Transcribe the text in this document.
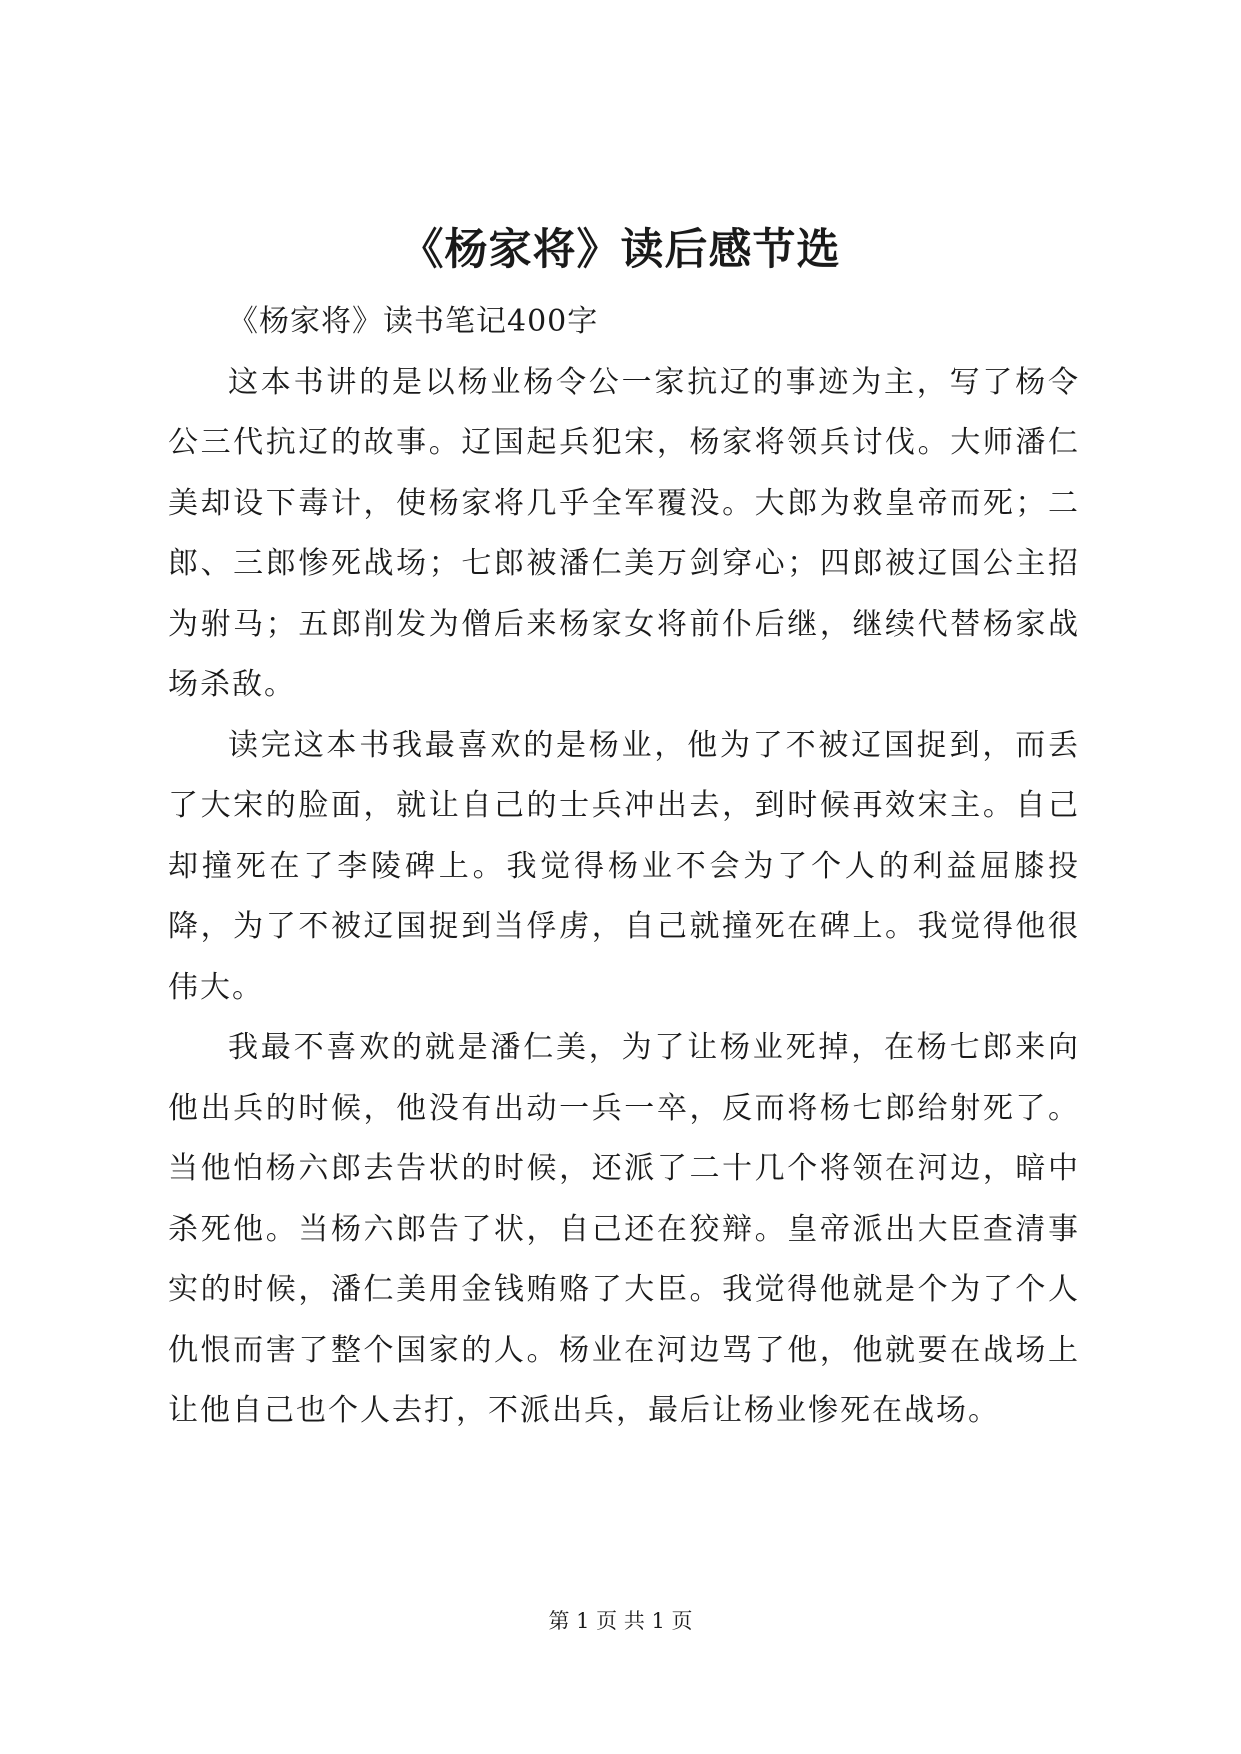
《杨家将》读后感节选

《杨家将》读书笔记400字

这本书讲的是以杨业杨令公一家抗辽的事迹为主，写了杨令公三代抗辽的故事。辽国起兵犯宋，杨家将领兵讨伐。大师潘仁美却设下毒计，使杨家将几乎全军覆没。大郎为救皇帝而死；二郎、三郎惨死战场；七郎被潘仁美万剑穿心；四郎被辽国公主招为驸马；五郎削发为僧后来杨家女将前仆后继，继续代替杨家战场杀敌。

读完这本书我最喜欢的是杨业，他为了不被辽国捉到，而丢了大宋的脸面，就让自己的士兵冲出去，到时候再效宋主。自己却撞死在了李陵碑上。我觉得杨业不会为了个人的利益屈膝投降，为了不被辽国捉到当俘虏，自己就撞死在碑上。我觉得他很伟大。

我最不喜欢的就是潘仁美，为了让杨业死掉，在杨七郎来向他出兵的时候，他没有出动一兵一卒，反而将杨七郎给射死了。当他怕杨六郎去告状的时候，还派了二十几个将领在河边，暗中杀死他。当杨六郎告了状，自己还在狡辩。皇帝派出大臣查清事实的时候，潘仁美用金钱贿赂了大臣。我觉得他就是个为了个人仇恨而害了整个国家的人。杨业在河边骂了他，他就要在战场上让他自己也个人去打，不派出兵，最后让杨业惨死在战场。

第 1 页 共 1 页
